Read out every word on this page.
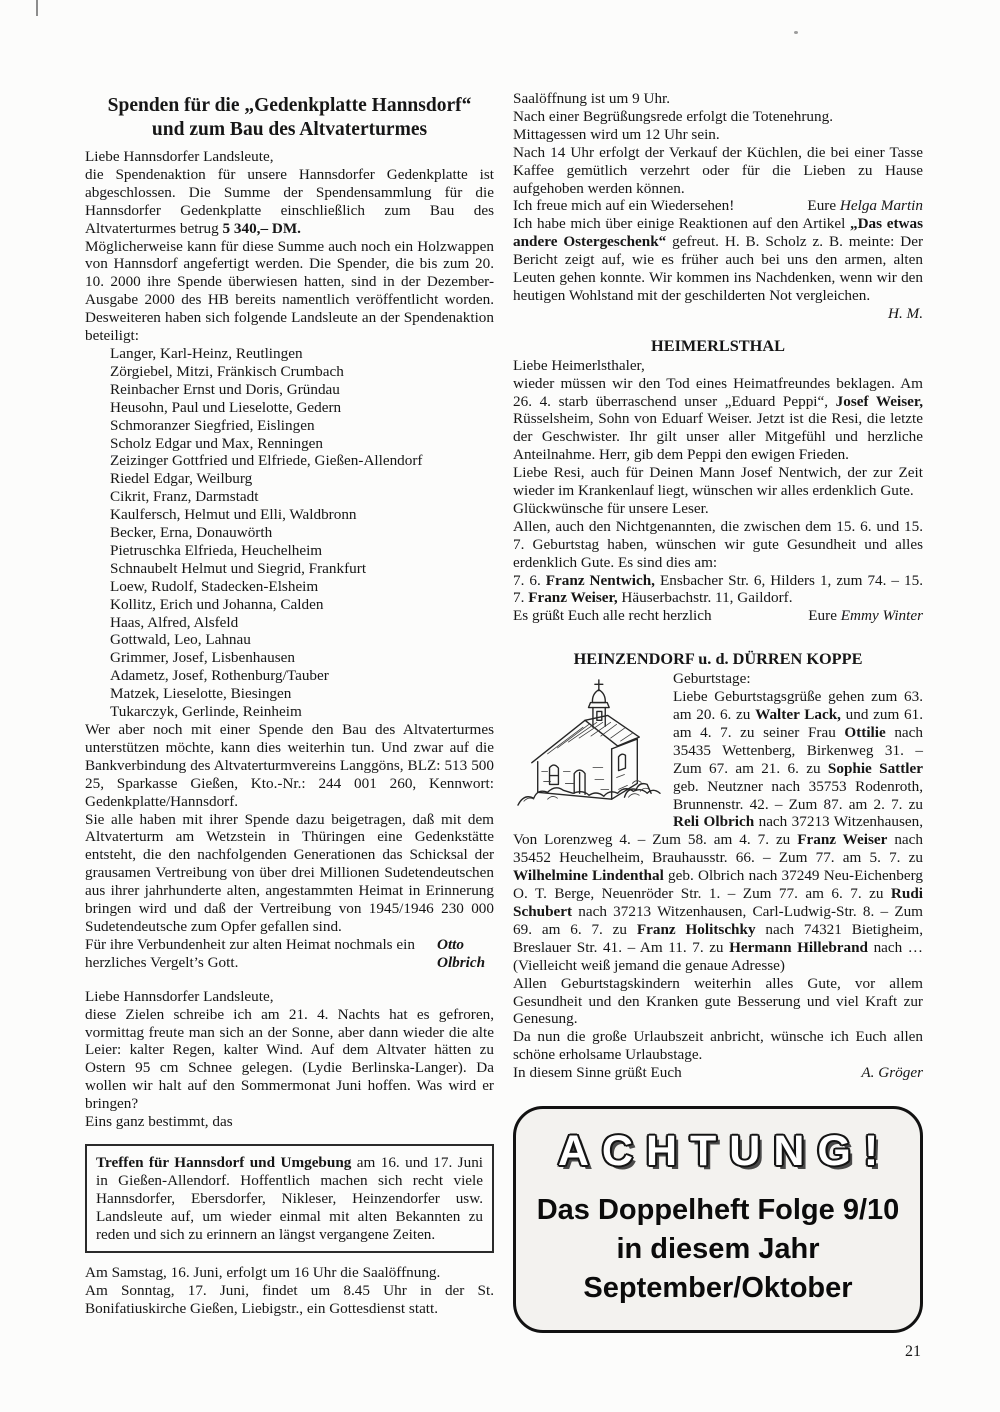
Spenden für die „Gedenkplatte Hannsdorf“
und zum Bau des Altvaterturmes

Liebe Hannsdorfer Landsleute,

die Spendenaktion für unsere Hannsdorfer Gedenkplatte ist abgeschlossen. Die Summe der Spendensammlung für die Hannsdorfer Gedenkplatte einschließlich zum Bau des Altvaterturmes betrug 5 340,– DM.

Möglicherweise kann für diese Summe auch noch ein Holzwappen von Hannsdorf angefertigt werden. Die Spender, die bis zum 20. 10. 2000 ihre Spende überwiesen hatten, sind in der Dezember-Ausgabe 2000 des HB bereits namentlich veröffentlicht worden. Desweiteren haben sich folgende Landsleute an der Spendenaktion beteiligt:

Langer, Karl-Heinz, Reutlingen
Zörgiebel, Mitzi, Fränkisch Crumbach
Reinbacher Ernst und Doris, Gründau
Heusohn, Paul und Lieselotte, Gedern
Schmoranzer Siegfried, Eislingen
Scholz Edgar und Max, Renningen
Zeizinger Gottfried und Elfriede, Gießen-Allendorf
Riedel Edgar, Weilburg
Cikrit, Franz, Darmstadt
Kaulfersch, Helmut und Elli, Waldbronn
Becker, Erna, Donauwörth
Pietruschka Elfrieda, Heuchelheim
Schnaubelt Helmut und Siegrid, Frankfurt
Loew, Rudolf, Stadecken-Elsheim
Kollitz, Erich und Johanna, Calden
Haas, Alfred, Alsfeld
Gottwald, Leo, Lahnau
Grimmer, Josef, Lisbenhausen
Adametz, Josef, Rothenburg/Tauber
Matzek, Lieselotte, Biesingen
Tukarczyk, Gerlinde, Reinheim

Wer aber noch mit einer Spende den Bau des Altvaterturmes unterstützen möchte, kann dies weiterhin tun. Und zwar auf die Bankverbindung des Altvaterturmvereins Langgöns, BLZ: 513 500 25, Sparkasse Gießen, Kto.-Nr.: 244 001 260, Kennwort: Gedenkplatte/Hannsdorf.

Sie alle haben mit ihrer Spende dazu beigetragen, daß mit dem Altvaterturm am Wetzstein in Thüringen eine Gedenkstätte entsteht, die den nachfolgenden Generationen das Schicksal der grausamen Vertreibung von über drei Millionen Sudetendeutschen aus ihrer jahrhunderte alten, angestammten Heimat in Erinnerung bringen wird und daß der Vertreibung von 1945/1946 230 000 Sudetendeutsche zum Opfer gefallen sind.

Für ihre Verbundenheit zur alten Heimat nochmals ein herzliches Vergelt’s Gott.
Otto Olbrich

Liebe Hannsdorfer Landsleute,

diese Zielen schreibe ich am 21. 4. Nachts hat es gefroren, vormittag freute man sich an der Sonne, aber dann wieder die alte Leier: kalter Regen, kalter Wind. Auf dem Altvater hätten zu Ostern 95 cm Schnee gelegen. (Lydie Berlinska-Langer). Da wollen wir halt auf den Sommermonat Juni hoffen. Was wird er bringen?

Eins ganz bestimmt, das

Treffen für Hannsdorf und Umgebung am 16. und 17. Juni in Gießen-Allendorf. Hoffentlich machen sich recht viele Hannsdorfer, Ebersdorfer, Nikleser, Heinzendorfer usw. Landsleute auf, um wieder einmal mit alten Bekannten zu reden und sich zu erinnern an längst vergangene Zeiten.

Am Samstag, 16. Juni, erfolgt um 16 Uhr die Saalöffnung.

Am Sonntag, 17. Juni, findet um 8.45 Uhr in der St. Bonifatiuskirche Gießen, Liebigstr., ein Gottesdienst statt.

Saalöffnung ist um 9 Uhr.

Nach einer Begrüßungsrede erfolgt die Totenehrung.

Mittagessen wird um 12 Uhr sein.

Nach 14 Uhr erfolgt der Verkauf der Küchlen, die bei einer Tasse Kaffee gemütlich verzehrt oder für die Lieben zu Hause aufgehoben werden können.

Ich freue mich auf ein Wiedersehen!	Eure Helga Martin

Ich habe mich über einige Reaktionen auf den Artikel „Das etwas andere Ostergeschenk“ gefreut. H. B. Scholz z. B. meinte: Der Bericht zeigt auf, wie es früher auch bei uns den armen, alten Leuten gehen konnte. Wir kommen ins Nachdenken, wenn wir den heutigen Wohlstand mit der geschilderten Not vergleichen.

H. M.

HEIMERLSTHAL

Liebe Heimerlsthaler,

wieder müssen wir den Tod eines Heimatfreundes beklagen. Am 26. 4. starb überraschend unser „Eduard Peppi“, Josef Weiser, Rüsselsheim, Sohn von Eduarf Weiser. Jetzt ist die Resi, die letzte der Geschwister. Ihr gilt unser aller Mitgefühl und herzliche Anteilnahme. Herr, gib dem Peppi den ewigen Frieden.

Liebe Resi, auch für Deinen Mann Josef Nentwich, der zur Zeit wieder im Krankenlauf liegt, wünschen wir alles erdenklich Gute.

Glückwünsche für unsere Leser.

Allen, auch den Nichtgenannten, die zwischen dem 15. 6. und 15. 7. Geburtstag haben, wünschen wir gute Gesundheit und alles erdenklich Gute. Es sind dies am:

7. 6. Franz Nentwich, Ensbacher Str. 6, Hilders 1, zum 74. – 15. 7. Franz Weiser, Häuserbachstr. 11, Gaildorf.

Es grüßt Euch alle recht herzlich	Eure Emmy Winter

HEINZENDORF u. d. DÜRREN KOPPE

Geburtstage:

Liebe Geburtstagsgrüße gehen zum 63. am 20. 6. zu Walter Lack, und zum 61. am 4. 7. zu seiner Frau Ottilie nach 35435 Wettenberg, Birkenweg 31. – Zum 67. am 21. 6. zu Sophie Sattler geb. Neutzner nach 35753 Rodenroth, Brunnenstr. 42. – Zum 87. am 2. 7. zu Reli Olbrich nach 37213 Witzenhausen, Von Lorenzweg 4. – Zum 58. am 4. 7. zu Franz Weiser nach 35452 Heuchelheim, Brauhausstr. 66. – Zum 77. am 5. 7. zu Wilhelmine Lindenthal geb. Olbrich nach 37249 Neu-Eichenberg O. T. Berge, Neuenröder Str. 1. – Zum 77. am 6. 7. zu Rudi Schubert nach 37213 Witzenhausen, Carl-Ludwig-Str. 8. – Zum 69. am 6. 7. zu Franz Holitschky nach 74321 Bietigheim, Breslauer Str. 41. – Am 11. 7. zu Hermann Hillebrand nach … (Vielleicht weiß jemand die genaue Adresse)

Allen Geburtstagskindern weiterhin alles Gute, vor allem Gesundheit und den Kranken gute Besserung und viel Kraft zur Genesung.

Da nun die große Urlaubszeit anbricht, wünsche ich Euch allen schöne erholsame Urlaubstage.

In diesem Sinne grüßt Euch	A. Gröger

ACHTUNG!
Das Doppelheft Folge 9/10
in diesem Jahr
September/Oktober
21
